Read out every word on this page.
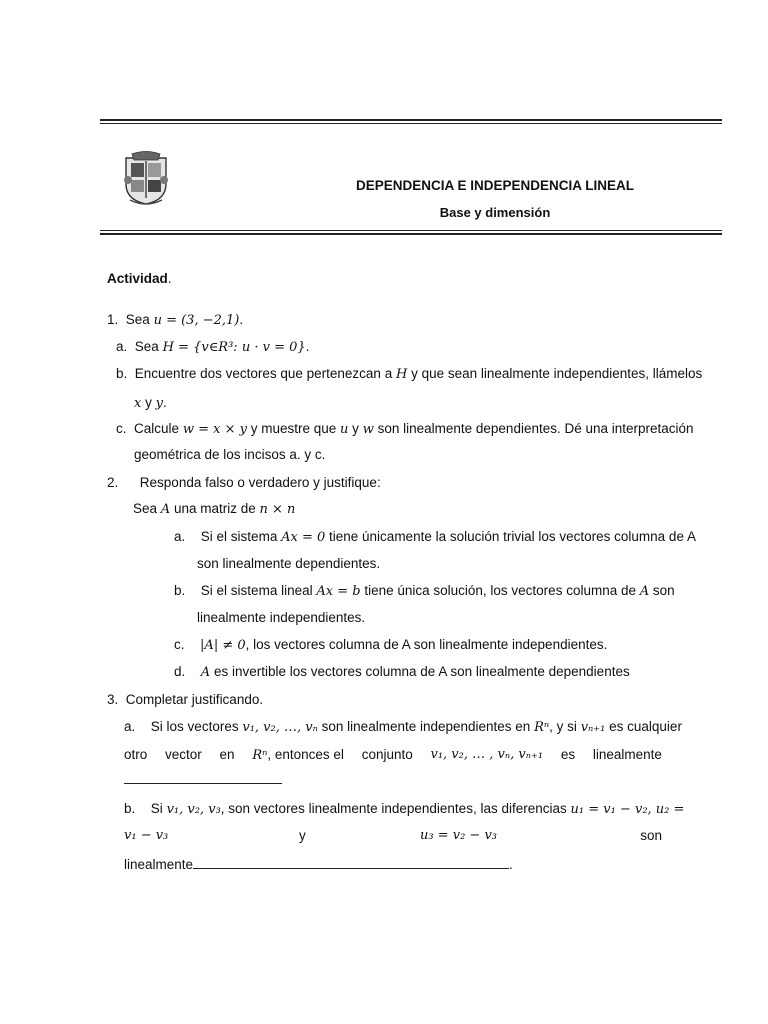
DEPENDENCIA E INDEPENDENCIA LINEAL
Base y dimensión
Actividad.
1. Sea u = (3, −2,1).
a. Sea H = {v∈R³: u · v = 0}.
b. Encuentre dos vectores que pertenezcan a H y que sean linealmente independientes, llámelos
x y y.
c. Calcule w = x × y y muestre que u y w son linealmente dependientes. Dé una interpretación
geométrica de los incisos a. y c.
2. Responda falso o verdadero y justifique:
Sea A una matriz de n × n
a. Si el sistema Ax = 0 tiene únicamente la solución trivial los vectores columna de A
son linealmente dependientes.
b. Si el sistema lineal Ax = b tiene única solución, los vectores columna de A son
linealmente independientes.
c. |A| ≠ 0, los vectores columna de A son linealmente independientes.
d. A es invertible los vectores columna de A son linealmente dependientes
3. Completar justificando.
a. Si los vectores v₁, v₂, …, vₙ son linealmente independientes en Rⁿ, y si vₙ₊₁ es cualquier
otro vector en Rⁿ, entonces el conjunto v₁, v₂, … , vₙ, vₙ₊₁ es linealmente
b. Si v₁, v₂, v₃, son vectores linealmente independientes, las diferencias u₁ = v₁ − v₂, u₂ =
v₁ − v₃	y	u₃ = v₂ − v₃	son
linealmente	.
